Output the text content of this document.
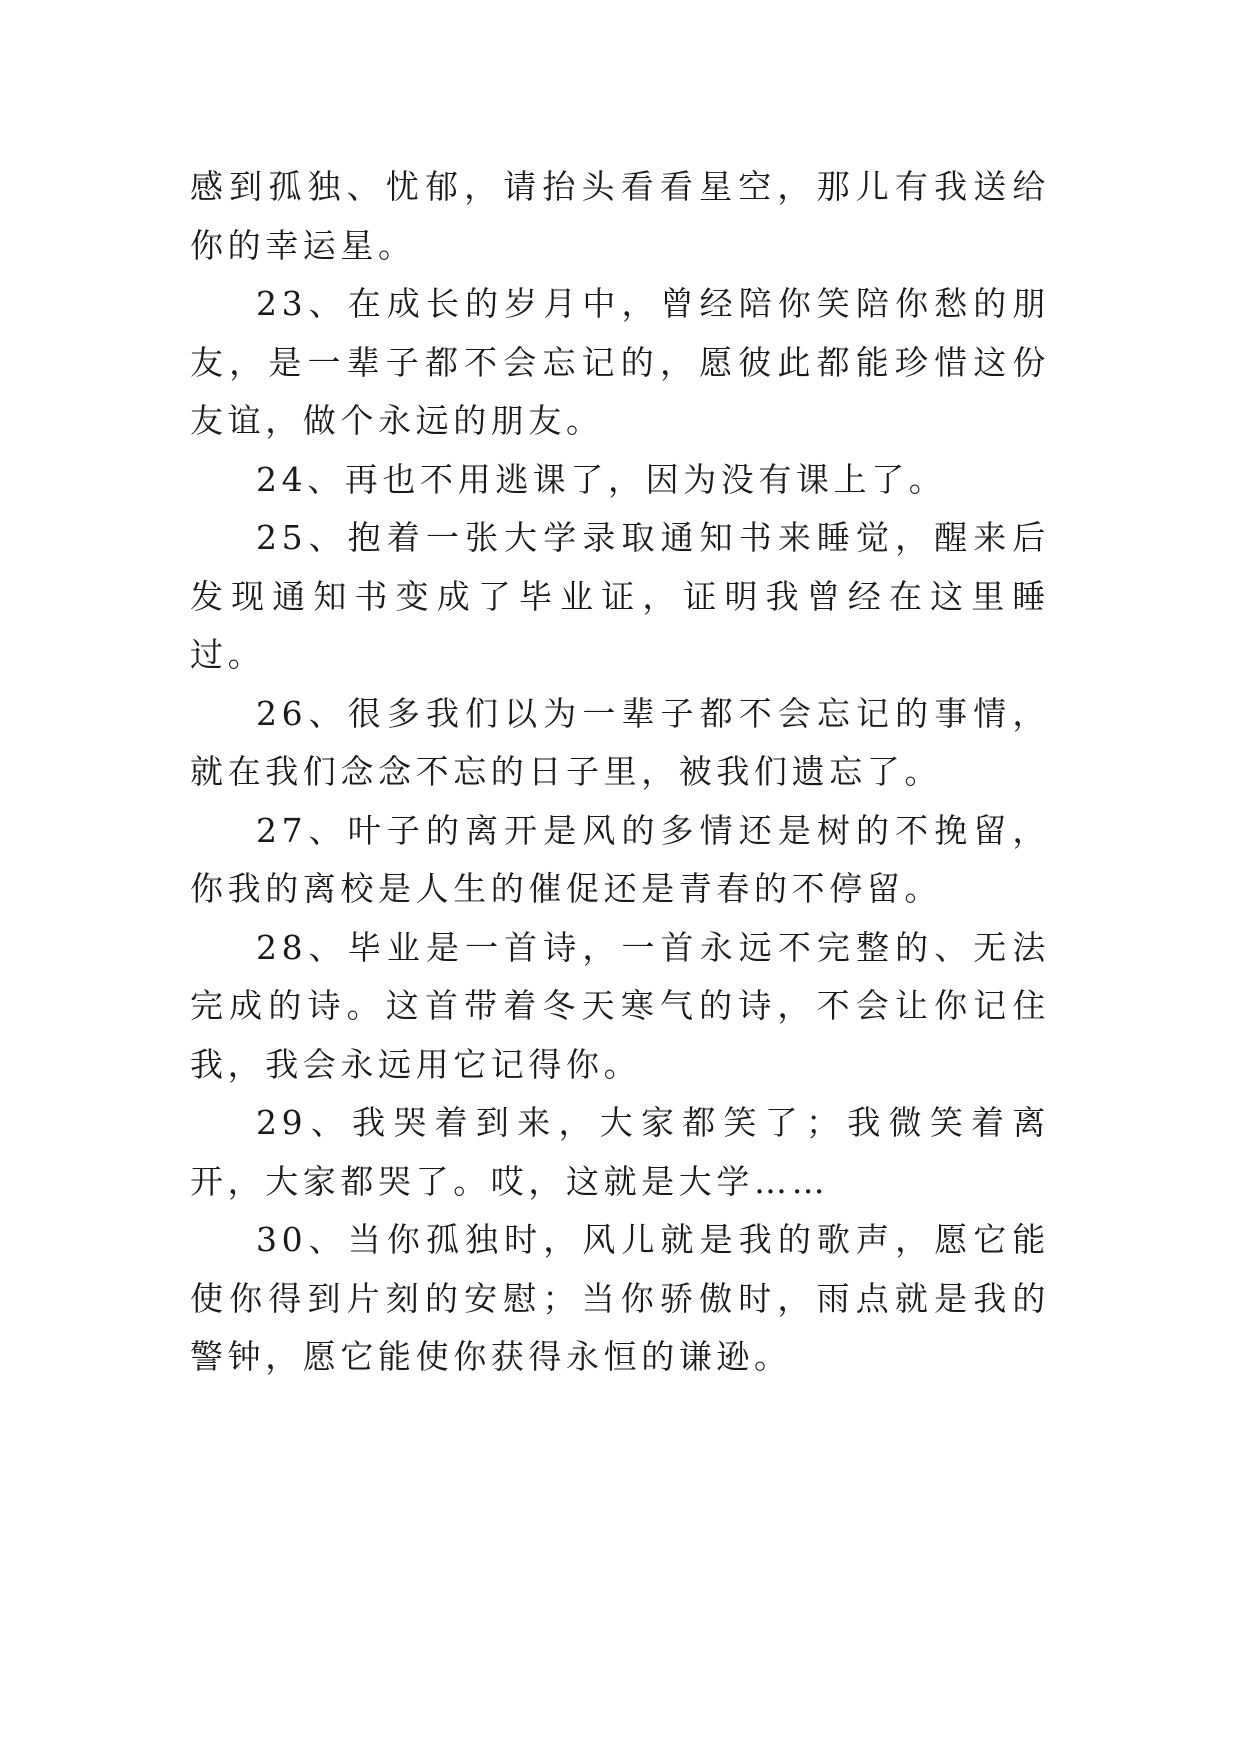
感到孤独、忧郁，请抬头看看星空，那儿有我送给你的幸运星。

23、在成长的岁月中，曾经陪你笑陪你愁的朋友，是一辈子都不会忘记的，愿彼此都能珍惜这份友谊，做个永远的朋友。

24、再也不用逃课了，因为没有课上了。

25、抱着一张大学录取通知书来睡觉，醒来后发现通知书变成了毕业证，证明我曾经在这里睡过。

26、很多我们以为一辈子都不会忘记的事情，就在我们念念不忘的日子里，被我们遗忘了。

27、叶子的离开是风的多情还是树的不挽留，你我的离校是人生的催促还是青春的不停留。

28、毕业是一首诗，一首永远不完整的、无法完成的诗。这首带着冬天寒气的诗，不会让你记住我，我会永远用它记得你。

29、我哭着到来，大家都笑了；我微笑着离开，大家都哭了。哎，这就是大学……

30、当你孤独时，风儿就是我的歌声，愿它能使你得到片刻的安慰；当你骄傲时，雨点就是我的警钟，愿它能使你获得永恒的谦逊。
